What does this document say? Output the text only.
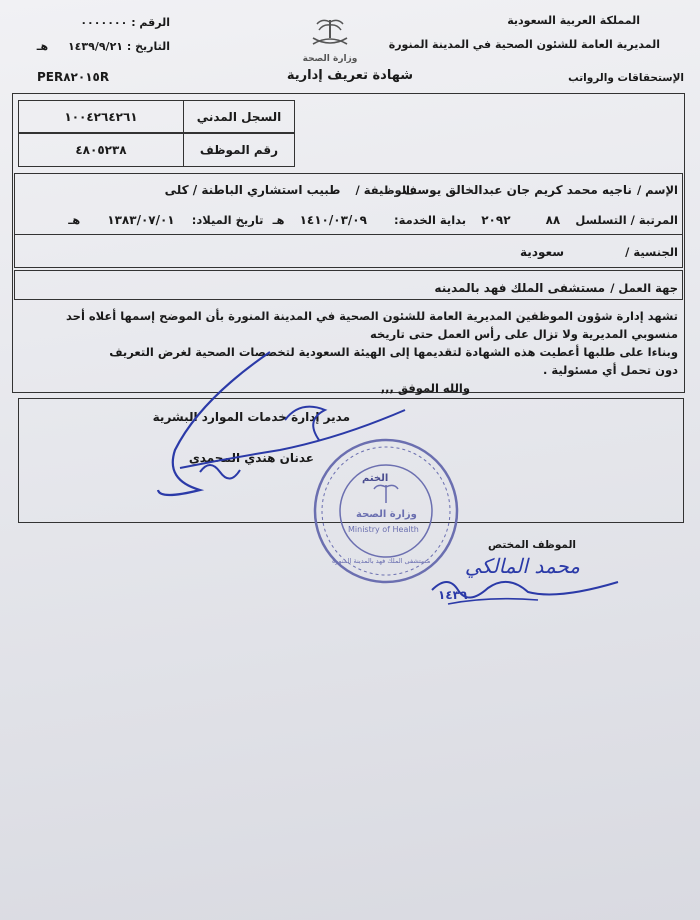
الرقم : ٠٠٠٠٠٠٠
التاريخ : ١٤٣٩/٩/٢١ هـ
PER٨٢٠١٥R
وزارة الصحة
المملكة العربية السعودية
المديرية العامة للشئون الصحية في المدينة المنورة
الإستحقاقات والرواتب
شهادة تعريف إدارية
السجل المدني
١٠٠٤٢٦٤٢٦١
رقم الموظف
٤٨٠٥٢٣٨
الإسم / ناجيه محمد كريم جان عبدالخالق يوسف
الوظيفة / طبيب استشاري الباطنة / كلى
المرتبة / التسلسل ٨٨ ٢٠٩٢ بداية الخدمة: ١٤١٠/٠٣/٠٩ هـ تاريخ الميلاد: ١٣٨٣/٠٧/٠١ هـ
الجنسية / سعودية
جهة العمل / مستشفى الملك فهد بالمدينه
تشهد إدارة شؤون الموظفين المديرية العامة للشئون الصحية في المدينة المنورة بأن الموضح إسمها أعلاه أحد
منسوبي المديرية ولا تزال على رأس العمل حتى تاريخه
وبناءا على طلبها أعطيت هذه الشهادة لتقديمها إلى الهيئة السعودية لتخصصات الصحية لغرض التعريف
دون تحمل أي مسئولية .
والله الموفق ,,,
مدير إدارة خدمات الموارد البشرية
عدنان هندي المحمدي
الختم
وزارة الصحة
Ministry of Health
مستشفى الملك فهد بالمدينة المنورة
الموظف المختص
محمد المالكي
١٤٣٩
